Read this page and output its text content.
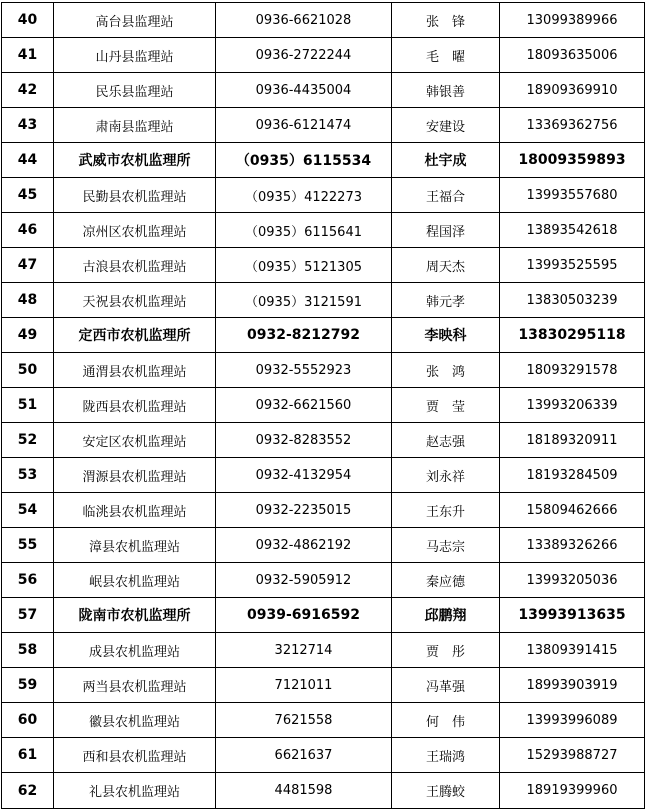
40	高台县监理站	0936-6621028	张　锋	13099389966
41	山丹县监理站	0936-2722244	毛　曜	18093635006
42	民乐县监理站	0936-4435004	韩银善	18909369910
43	肃南县监理站	0936-6121474	安建设	13369362756
44	武威市农机监理所	（0935）6115534	杜宇成	18009359893
45	民勤县农机监理站	（0935）4122273	王福合	13993557680
46	凉州区农机监理站	（0935）6115641	程国泽	13893542618
47	古浪县农机监理站	（0935）5121305	周天杰	13993525595
48	天祝县农机监理站	（0935）3121591	韩元孝	13830503239
49	定西市农机监理所	0932-8212792	李映科	13830295118
50	通渭县农机监理站	0932-5552923	张　鸿	18093291578
51	陇西县农机监理站	0932-6621560	贾　莹	13993206339
52	安定区农机监理站	0932-8283552	赵志强	18189320911
53	渭源县农机监理站	0932-4132954	刘永祥	18193284509
54	临洮县农机监理站	0932-2235015	王东升	15809462666
55	漳县农机监理站	0932-4862192	马志宗	13389326266
56	岷县农机监理站	0932-5905912	秦应德	13993205036
57	陇南市农机监理所	0939-6916592	邱鹏翔	13993913635
58	成县农机监理站	3212714	贾　彤	13809391415
59	两当县农机监理站	7121011	冯革强	18993903919
60	徽县农机监理站	7621558	何　伟	13993996089
61	西和县农机监理站	6621637	王瑞鸿	15293988727
62	礼县农机监理站	4481598	王腾蛟	18919399960
